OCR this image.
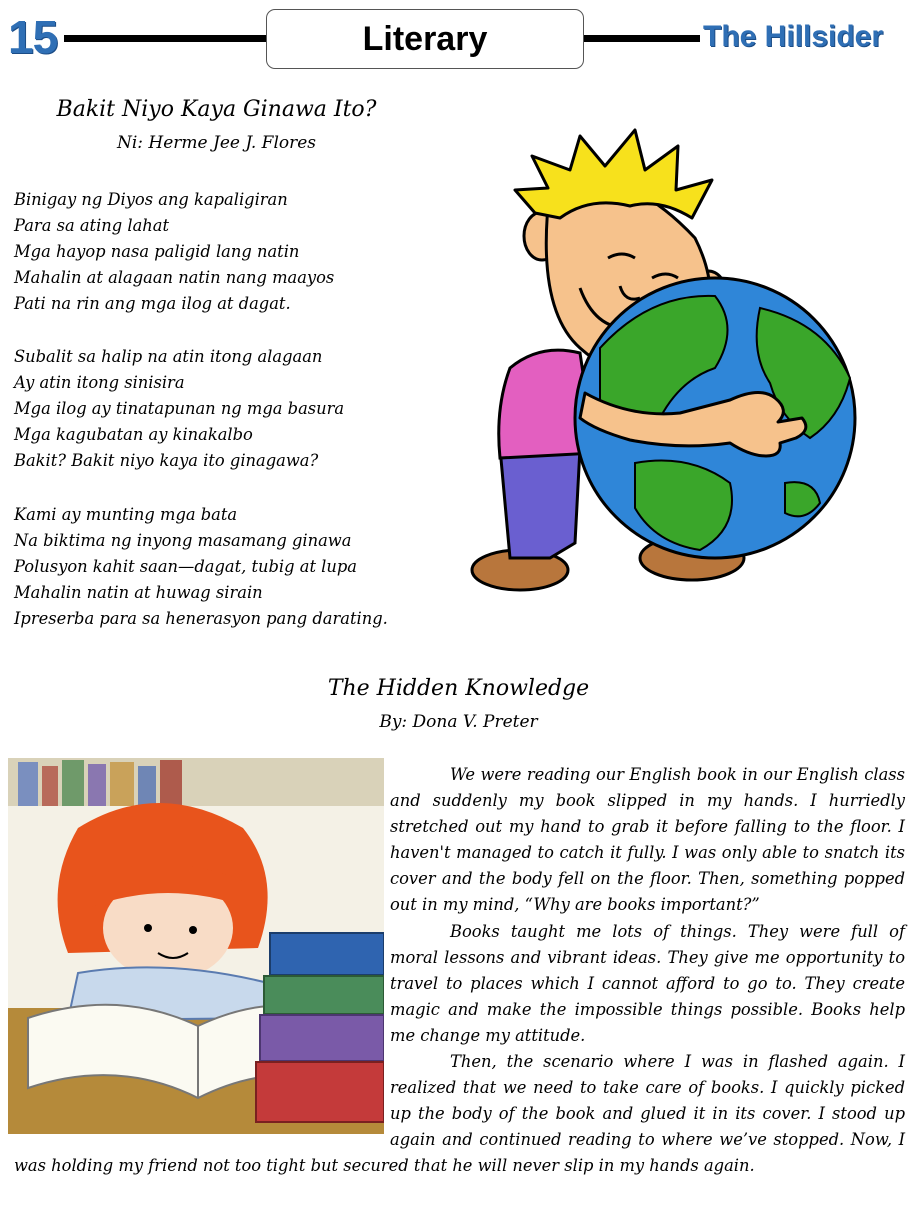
15	Literary	The Hillsider
Bakit Niyo Kaya Ginawa Ito?
Ni: Herme Jee J. Flores
Binigay ng Diyos ang kapaligiran
Para sa ating lahat
Mga hayop nasa paligid lang natin
Mahalin at alagaan natin nang maayos
Pati na rin ang mga ilog at dagat.
Subalit sa halip na atin itong alagaan
Ay atin itong sinisira
Mga ilog ay tinatapunan ng mga basura
Mga kagubatan ay kinakalbo
Bakit? Bakit niyo kaya ito ginagawa?
Kami ay munting mga bata
Na biktima ng inyong masamang ginawa
Polusyon kahit saan—dagat, tubig at lupa
Mahalin natin at huwag sirain
Ipreserba para sa henerasyon pang darating.
The Hidden Knowledge
By: Dona V. Preter

We were reading our English book in our English class and suddenly my book slipped in my hands. I hurriedly stretched out my hand to grab it before falling to the floor. I haven't managed to catch it fully. I was only able to snatch its cover and the body fell on the floor. Then, something popped out in my mind, “Why are books important?”

Books taught me lots of things. They were full of moral lessons and vibrant ideas. They give me opportunity to travel to places which I cannot afford to go to. They create magic and make the impossible things possible. Books help me change my attitude.

Then, the scenario where I was in flashed again. I realized that we need to take care of books. I quickly picked up the body of the book and glued it in its cover. I stood up again and continued reading to where we’ve stopped. Now, I was holding my friend not too tight but secured that he will never slip in my hands again.
